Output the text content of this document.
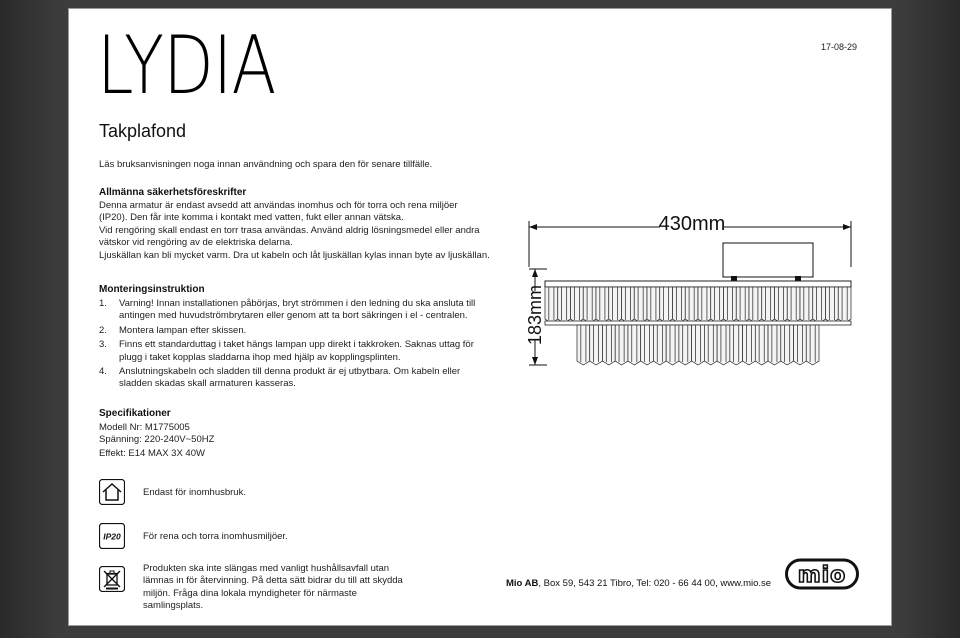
LYDIA	17-08-29
Takplafond
Läs bruksanvisningen noga innan användning och spara den för senare tillfälle.
Allmänna säkerhetsföreskrifter
Denna armatur är endast avsedd att användas inomhus och för torra och rena miljöer
(IP20). Den får inte komma i kontakt med vatten, fukt eller annan vätska.
Vid rengöring skall endast en torr trasa användas. Använd aldrig lösningsmedel eller andra
vätskor vid rengöring av de elektriska delarna.
Ljuskällan kan bli mycket varm. Dra ut kabeln och låt ljuskällan kylas innan byte av ljuskällan.
Monteringsinstruktion
1. Varning! Innan installationen påbörjas, bryt strömmen i den ledning du ska ansluta till
antingen med huvudströmbrytaren eller genom att ta bort säkringen i el - centralen.
2. Montera lampan efter skissen.
3. Finns ett standarduttag i taket hängs lampan upp direkt i takkroken. Saknas uttag för
plugg i taket kopplas sladdarna ihop med hjälp av kopplingsplinten.
4. Anslutningskabeln och sladden till denna produkt är ej utbytbara. Om kabeln eller
sladden skadas skall armaturen kasseras.
Specifikationer
Modell Nr: M1775005
Spänning: 220-240V~50HZ
Effekt: E14 MAX 3X 40W
Endast för inomhusbruk.
IP20 För rena och torra inomhusmiljöer.
Produkten ska inte slängas med vanligt hushållsavfall utan
lämnas in för återvinning. På detta sätt bidrar du till att skydda
miljön. Fråga dina lokala myndigheter för närmaste
samlingsplats.
430mm
183mm
Mio AB, Box 59, 543 21 Tibro, Tel: 020 - 66 44 00, www.mio.se mio
